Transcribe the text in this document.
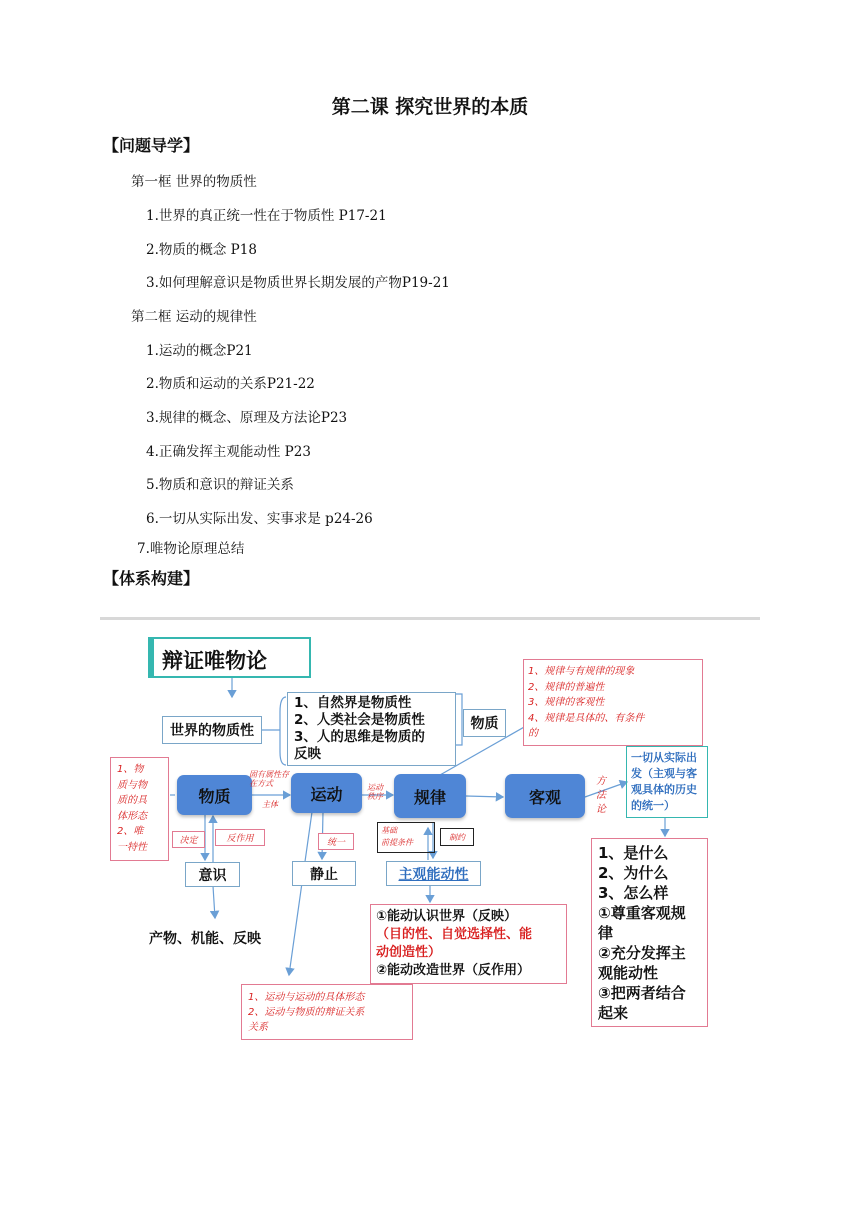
第二课 探究世界的本质
【问题导学】
第一框 世界的物质性
1.世界的真正统一性在于物质性 P17-21
2.物质的概念 P18
3.如何理解意识是物质世界长期发展的产物P19-21
第二框 运动的规律性
1.运动的概念P21
2.物质和运动的关系P21-22
3.规律的概念、原理及方法论P23
4.正确发挥主观能动性 P23
5.物质和意识的辩证关系
6.一切从实际出发、实事求是 p24-26
7.唯物论原理总结
【体系构建】
辩证唯物论
世界的物质性
1、自然界是物质性
2、人类社会是物质性
3、人的思维是物质的
反映
物质
1、规律与有规律的现象
2、规律的普遍性
3、规律的客观性
4、规律是具体的、有条件
的
1、物
质与物
质的具
体形态
2、唯
一特性
物质	运动	规律	客观
固有属性存
在方式
主体
运动
秩序
方
法
论
一切从实际出
发（主观与客
观具体的历史
的统一）
决定	反作用	统一
基础
前提条件
制约
意识	静止	主观能动性
产物、机能、反映
①能动认识世界（反映）
（目的性、自觉选择性、能
动创造性）
②能动改造世界（反作用）
1、是什么
2、为什么
3、怎么样
①尊重客观规
律
②充分发挥主
观能动性
③把两者结合
起来
1、运动与运动的具体形态
2、运动与物质的辩证关系
关系
